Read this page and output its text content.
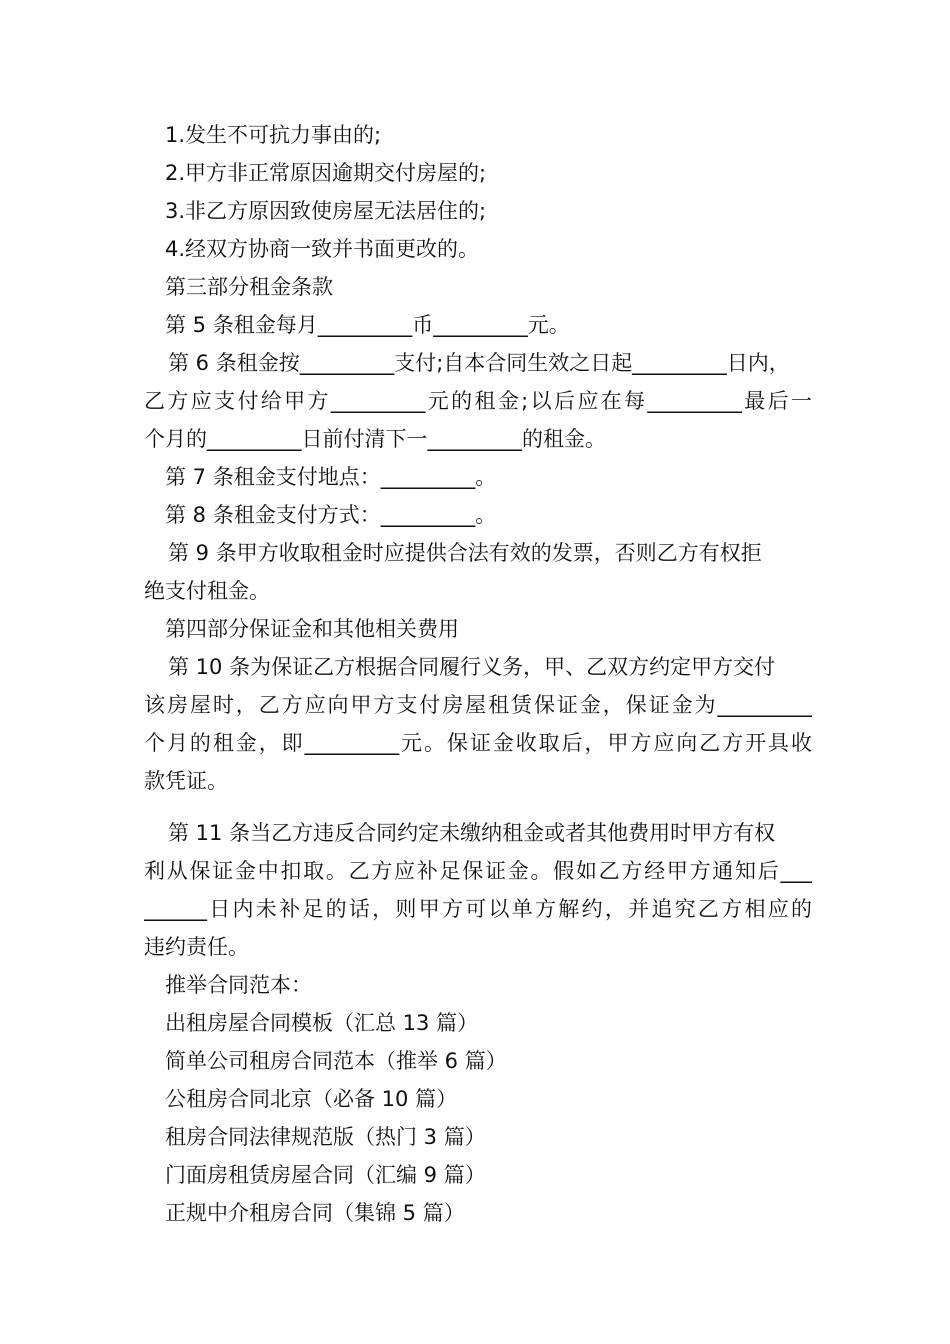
1.发生不可抗力事由的;
2.甲方非正常原因逾期交付房屋的;
3.非乙方原因致使房屋无法居住的;
4.经双方协商一致并书面更改的。
第三部分租金条款
第 5 条租金每月_________币_________元。
第 6 条租金按_________支付;自本合同生效之日起_________日内，
乙方应支付给甲方_________元的租金;以后应在每_________最后一
个月的_________日前付清下一_________的租金。
第 7 条租金支付地点：_________。
第 8 条租金支付方式：_________。
第 9 条甲方收取租金时应提供合法有效的发票，否则乙方有权拒
绝支付租金。
第四部分保证金和其他相关费用
第 10 条为保证乙方根据合同履行义务，甲、乙双方约定甲方交付
该房屋时，乙方应向甲方支付房屋租赁保证金，保证金为_________
个月的租金，即_________元。保证金收取后，甲方应向乙方开具收
款凭证。
第 11 条当乙方违反合同约定未缴纳租金或者其他费用时甲方有权
利从保证金中扣取。乙方应补足保证金。假如乙方经甲方通知后___
______日内未补足的话，则甲方可以单方解约，并追究乙方相应的
违约责任。
推举合同范本：
出租房屋合同模板（汇总 13 篇）
简单公司租房合同范本（推举 6 篇）
公租房合同北京（必备 10 篇）
租房合同法律规范版（热门 3 篇）
门面房租赁房屋合同（汇编 9 篇）
正规中介租房合同（集锦 5 篇）
